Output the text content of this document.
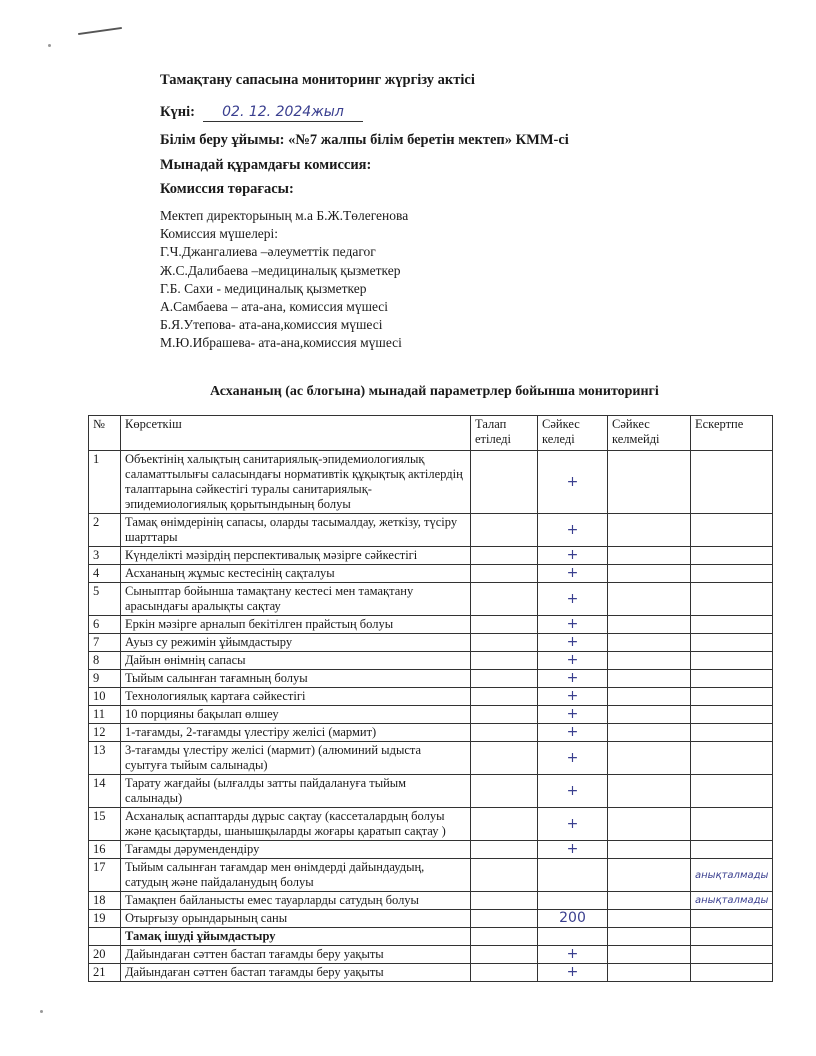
Тамақтану сапасына мониторинг жүргізу актісі
Күні: 02. 12. 2024жыл
Білім беру ұйымы: «№7 жалпы білім беретін мектеп» КММ-сі
Мынадай құрамдағы комиссия:
Комиссия төрағасы:
Мектеп директорының м.а Б.Ж.Төлегенова
Комиссия мүшелері:
Г.Ч.Джангалиева –әлеуметтік педагог
Ж.С.Далибаева –медициналық қызметкер
Г.Б. Сахи - медициналық қызметкер
А.Самбаева – ата-ана, комиссия мүшесі
Б.Я.Утепова- ата-ана,комиссия мүшесі
М.Ю.Ибрашева- ата-ана,комиссия мүшесі
Асхананың (ас блогына) мынадай параметрлер бойынша мониторингі
№	Көрсеткіш	Талап етіледі	Сәйкес келеді	Сәйкес келмейді	Ескертпе
1	Объектінің халықтың санитариялық-эпидемиологиялық саламаттылығы саласындағы нормативтік құқықтық актілердің талаптарына сәйкестігі туралы санитариялық-эпидемиологиялық қорытындының болуы		+		
2	Тамақ өнімдерінің сапасы, оларды тасымалдау, жеткізу, түсіру шарттары		+		
3	Күнделікті мәзірдің перспективалық мәзірге сәйкестігі		+		
4	Асхананың жұмыс кестесінің сақталуы		+		
5	Сыныптар бойынша тамақтану кестесі мен тамақтану арасындағы аралықты сақтау		+		
6	Еркін мәзірге арналып бекітілген прайстың болуы		+		
7	Ауыз су режимін ұйымдастыру		+		
8	Дайын өнімнің сапасы		+		
9	Тыйым салынған тағамның болуы		+		
10	Технологиялық картаға сәйкестігі		+		
11	10 порцияны бақылап өлшеу		+		
12	1-тағамды, 2-тағамды үлестіру желісі (мармит)		+		
13	3-тағамды үлестіру желісі (мармит) (алюминий ыдыста суытуға тыйым салынады)		+		
14	Тарату жағдайы (ылғалды затты пайдалануға тыйым салынады)		+		
15	Асханалық аспаптарды дұрыс сақтау (кассеталардың болуы және қасықтарды, шанышқыларды жоғары қаратып сақтау )		+		
16	Тағамды дәрумендендіру		+		
17	Тыйым салынған тағамдар мен өнімдерді дайындаудың, сатудың және пайдаланудың болуы				анықталмады
18	Тамақпен байланысты емес тауарларды сатудың болуы				анықталмады
19	Отырғызу орындарының саны		200		
	Тамақ ішуді ұйымдастыру				
20	Дайындаған сәттен бастап тағамды беру уақыты		+		
21	Дайындаған сәттен бастап тағамды беру уақыты		+		
